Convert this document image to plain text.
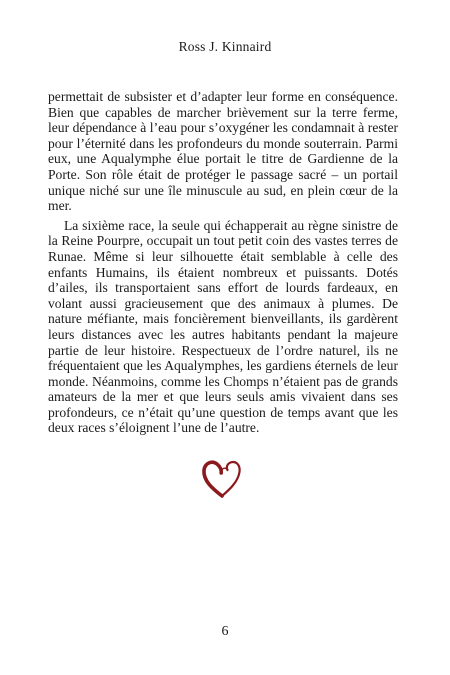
Ross J. Kinnaird

permettait de subsister et d’adapter leur forme en conséquence. Bien que capables de marcher brièvement sur la terre ferme, leur dépendance à l’eau pour s’oxygéner les condamnait à rester pour l’éternité dans les profondeurs du monde souterrain. Parmi eux, une Aqualymphe élue portait le titre de Gardienne de la Porte. Son rôle était de protéger le passage sacré – un portail unique niché sur une île minuscule au sud, en plein cœur de la mer.

La sixième race, la seule qui échapperait au règne sinistre de la Reine Pourpre, occupait un tout petit coin des vastes terres de Runae. Même si leur silhouette était semblable à celle des enfants Humains, ils étaient nombreux et puissants. Dotés d’ailes, ils transportaient sans effort de lourds fardeaux, en volant aussi gracieusement que des animaux à plumes. De nature méfiante, mais foncièrement bienveillants, ils gardèrent leurs distances avec les autres habitants pendant la majeure partie de leur histoire. Respectueux de l’ordre naturel, ils ne fréquentaient que les Aqualymphes, les gardiens éternels de leur monde. Néanmoins, comme les Chomps n’étaient pas de grands amateurs de la mer et que leurs seuls amis vivaient dans ses profondeurs, ce n’était qu’une question de temps avant que les deux races s’éloignent l’une de l’autre.

6
